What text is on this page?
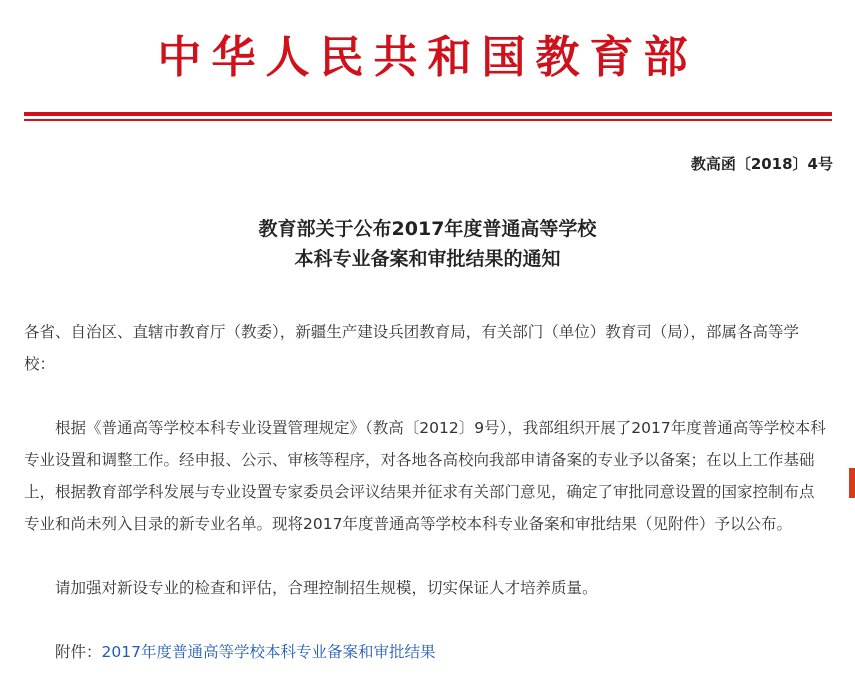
中华人民共和国教育部
教高函〔2018〕4号
教育部关于公布2017年度普通高等学校
本科专业备案和审批结果的通知

各省、自治区、直辖市教育厅（教委），新疆生产建设兵团教育局，有关部门（单位）教育司（局），部属各高等学校：

根据《普通高等学校本科专业设置管理规定》（教高〔2012〕9号），我部组织开展了2017年度普通高等学校本科专业设置和调整工作。经申报、公示、审核等程序，对各地各高校向我部申请备案的专业予以备案；在以上工作基础上，根据教育部学科发展与专业设置专家委员会评议结果并征求有关部门意见，确定了审批同意设置的国家控制布点专业和尚未列入目录的新专业名单。现将2017年度普通高等学校本科专业备案和审批结果（见附件）予以公布。

请加强对新设专业的检查和评估，合理控制招生规模，切实保证人才培养质量。

附件：2017年度普通高等学校本科专业备案和审批结果
